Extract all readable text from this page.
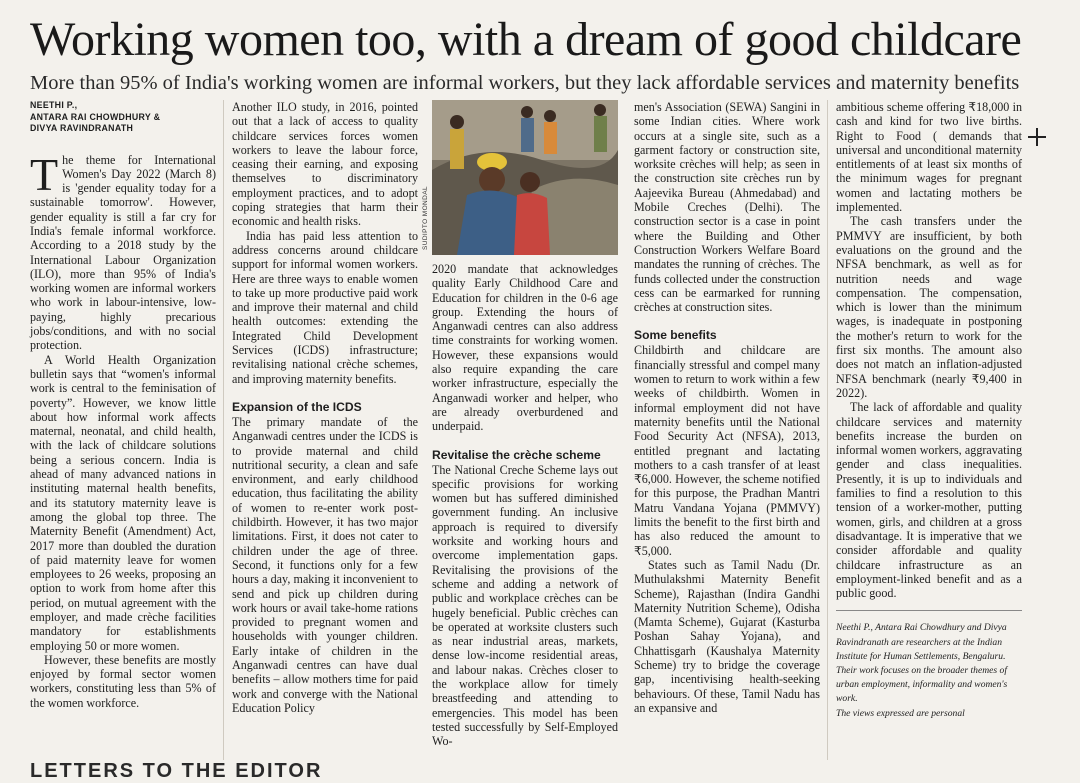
Working women too, with a dream of good childcare
More than 95% of India's working women are informal workers, but they lack affordable services and maternity benefits
NEETHI P.,
ANTARA RAI CHOWDHURY &
DIVYA RAVINDRANATH

The theme for International Women's Day 2022 (March 8) is 'gender equality today for a sustainable tomorrow'. However, gender equality is still a far cry for India's female informal workforce. According to a 2018 study by the International Labour Organization (ILO), more than 95% of India's working women are informal workers who work in labour-intensive, low-paying, highly precarious jobs/conditions, and with no social protection.

A World Health Organization bulletin says that “women's informal work is central to the feminisation of poverty”. However, we know little about how informal work affects maternal, neonatal, and child health, with the lack of childcare solutions being a serious concern. India is ahead of many advanced nations in instituting maternal health benefits, and its statutory maternity leave is among the global top three. The Maternity Benefit (Amendment) Act, 2017 more than doubled the duration of paid maternity leave for women employees to 26 weeks, proposing an option to work from home after this period, on mutual agreement with the employer, and made crèche facilities mandatory for establishments employing 50 or more women.

However, these benefits are mostly enjoyed by formal sector women workers, constituting less than 5% of the women workforce.

Another ILO study, in 2016, pointed out that a lack of access to quality childcare services forces women workers to leave the labour force, ceasing their earning, and exposing themselves to discriminatory employment practices, and to adopt coping strategies that harm their economic and health risks.

India has paid less attention to address concerns around childcare support for informal women workers. Here are three ways to enable women to take up more productive paid work and improve their maternal and child health outcomes: extending the Integrated Child Development Services (ICDS) infrastructure; revitalising national crèche schemes, and improving maternity benefits.

Expansion of the ICDS

The primary mandate of the Anganwadi centres under the ICDS is to provide maternal and child nutritional security, a clean and safe environment, and early childhood education, thus facilitating the ability of women to re-enter work post-childbirth. However, it has two major limitations. First, it does not cater to children under the age of three. Second, it functions only for a few hours a day, making it inconvenient to send and pick up children during work hours or avail take-home rations provided to pregnant women and households with younger children. Early intake of children in the Anganwadi centres can have dual benefits – allow mothers time for paid work and converge with the National Education Policy

SUDIPTO MONDAL

2020 mandate that acknowledges quality Early Childhood Care and Education for children in the 0-6 age group. Extending the hours of Anganwadi centres can also address time constraints for working women. However, these expansions would also require expanding the care worker infrastructure, especially the Anganwadi worker and helper, who are already overburdened and underpaid.

Revitalise the crèche scheme

The National Creche Scheme lays out specific provisions for working women but has suffered diminished government funding. An inclusive approach is required to diversify worksite and working hours and overcome implementation gaps. Revitalising the provisions of the scheme and adding a network of public and workplace crèches can be hugely beneficial. Public crèches can be operated at worksite clusters such as near industrial areas, markets, dense low-income residential areas, and labour nakas. Crèches closer to the workplace allow for timely breastfeeding and attending to emergencies. This model has been tested successfully by Self-Employed Wo-

men's Association (SEWA) Sangini in some Indian cities. Where work occurs at a single site, such as a garment factory or construction site, worksite crèches will help; as seen in the construction site crèches run by Aajeevika Bureau (Ahmedabad) and Mobile Creches (Delhi). The construction sector is a case in point where the Building and Other Construction Workers Welfare Board mandates the running of crèches. The funds collected under the construction cess can be earmarked for running crèches at construction sites.

Some benefits

Childbirth and childcare are financially stressful and compel many women to return to work within a few weeks of childbirth. Women in informal employment did not have maternity benefits until the National Food Security Act (NFSA), 2013, entitled pregnant and lactating mothers to a cash transfer of at least ₹6,000. However, the scheme notified for this purpose, the Pradhan Mantri Matru Vandana Yojana (PMMVY) limits the benefit to the first birth and has also reduced the amount to ₹5,000.

States such as Tamil Nadu (Dr. Muthulakshmi Maternity Benefit Scheme), Rajasthan (Indira Gandhi Maternity Nutrition Scheme), Odisha (Mamta Scheme), Gujarat (Kasturba Poshan Sahay Yojana), and Chhattisgarh (Kaushalya Maternity Scheme) try to bridge the coverage gap, incentivising health-seeking behaviours. Of these, Tamil Nadu has an expansive and

ambitious scheme offering ₹18,000 in cash and kind for two live births. Right to Food ( demands that universal and unconditional maternity entitlements of at least six months of the minimum wages for pregnant women and lactating mothers be implemented.

The cash transfers under the PMMVY are insufficient, by both evaluations on the ground and the NFSA benchmark, as well as for nutrition needs and wage compensation. The compensation, which is lower than the minimum wages, is inadequate in postponing the mother's return to work for the first six months. The amount also does not match an inflation-adjusted NFSA benchmark (nearly ₹9,400 in 2022).

The lack of affordable and quality childcare services and maternity benefits increase the burden on informal women workers, aggravating gender and class inequalities. Presently, it is up to individuals and families to find a resolution to this tension of a worker-mother, putting women, girls, and children at a gross disadvantage. It is imperative that we consider affordable and quality childcare infrastructure as an employment-linked benefit and as a public good.

Neethi P., Antara Rai Chowdhury and Divya Ravindranath are researchers at the Indian Institute for Human Settlements, Bengaluru. Their work focuses on the broader themes of urban employment, informality and women's work.
The views expressed are personal
LETTERS TO THE EDITOR
